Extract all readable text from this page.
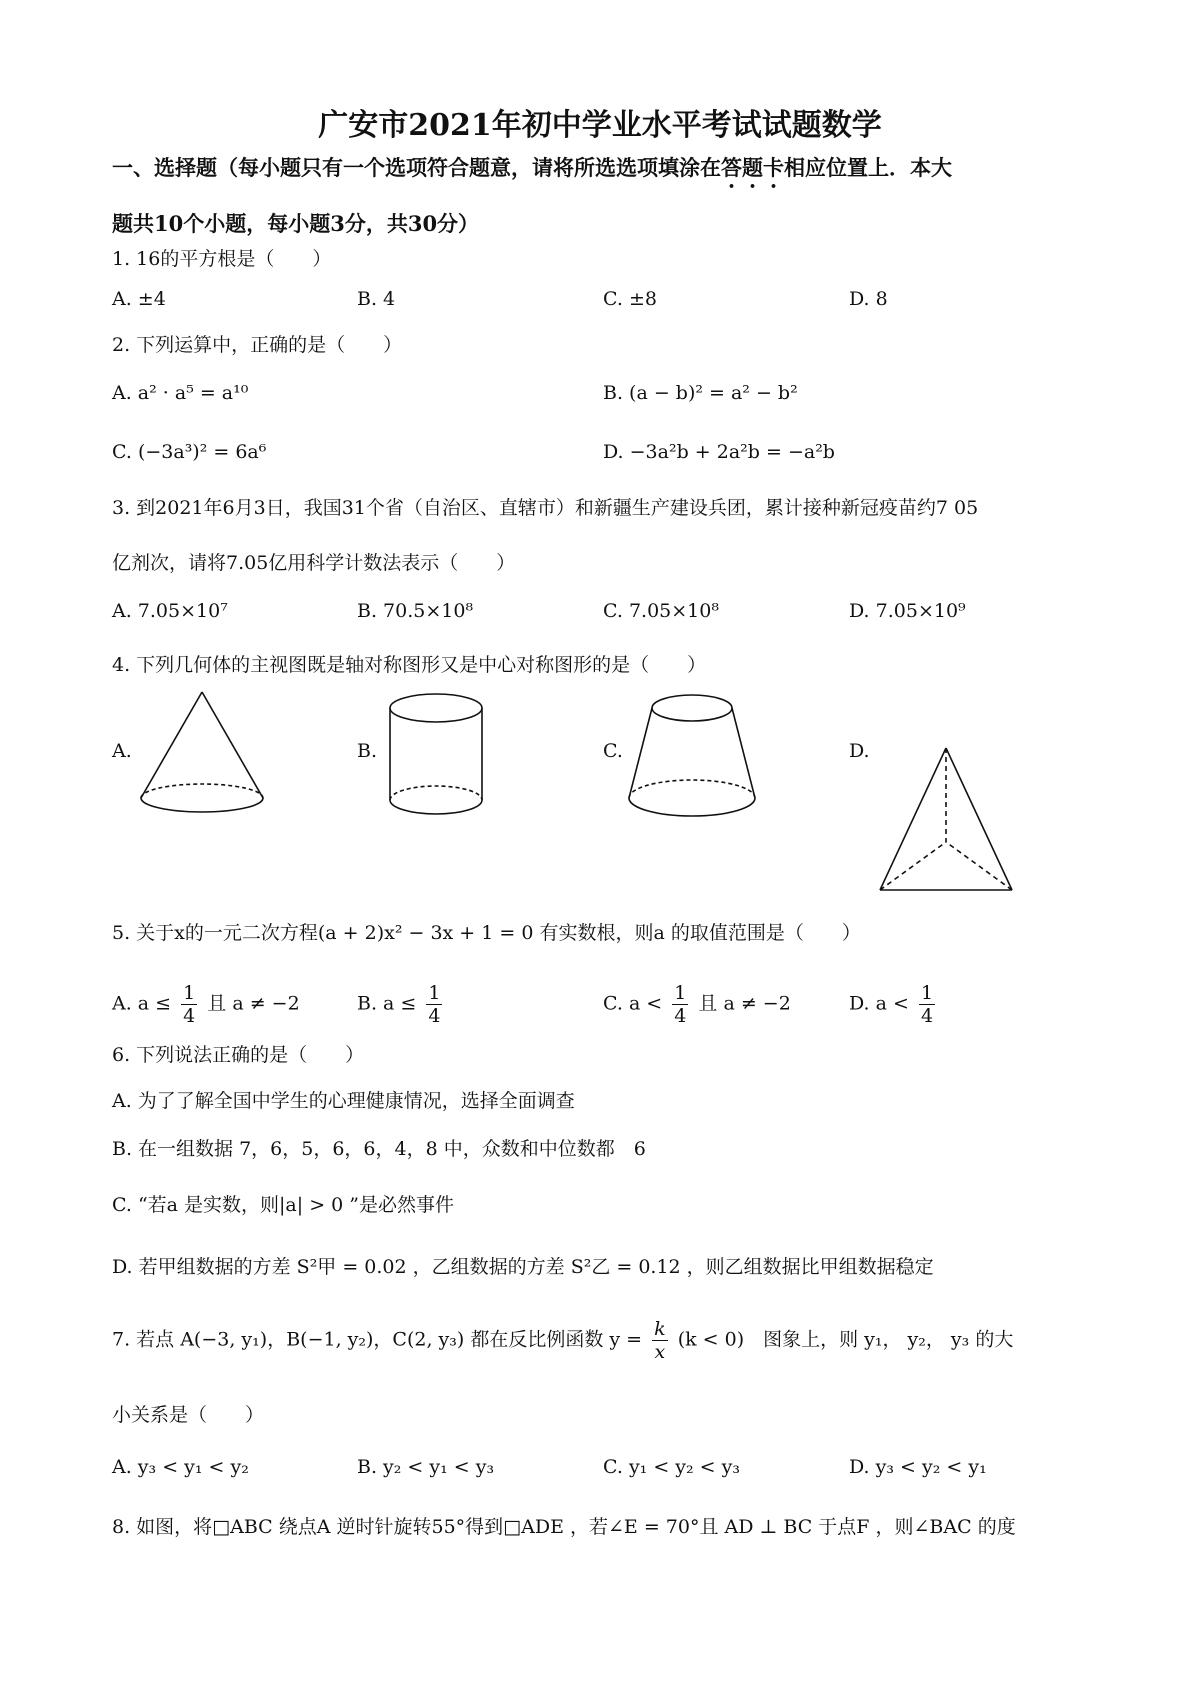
广安市2021年初中学业水平考试试题数学
一、选择题（每小题只有一个选项符合题意，请将所选选项填涂在答题卡相应位置上．本大
题共10个小题，每小题3分，共30分）
1. 16的平方根是（　　）
A. ±4	B. 4	C. ±8	D. 8
2. 下列运算中，正确的是（　　）
A. a² · a⁵ = a¹⁰	B. (a − b)² = a² − b²
C. (−3a³)² = 6a⁶	D. −3a²b + 2a²b = −a²b
3. 到2021年6月3日，我国31个省（自治区、直辖市）和新疆生产建设兵团，累计接种新冠疫苗约7 05
亿剂次，请将7.05亿用科学计数法表示（　　）
A. 7.05×10⁷	B. 70.5×10⁸	C. 7.05×10⁸	D. 7.05×10⁹
4. 下列几何体的主视图既是轴对称图形又是中心对称图形的是（　　）
A.	B.	C.	D.
5. 关于x的一元二次方程(a + 2)x² − 3x + 1 = 0 有实数根，则a 的取值范围是（　　）
A. $a \le \frac{1}{4}$ 且 a ≠ −2	B. $a \le \frac{1}{4}$	C. $a < \frac{1}{4}$ 且 a ≠ −2	D. $a < \frac{1}{4}$
6. 下列说法正确的是（　　）
A. 为了了解全国中学生的心理健康情况，选择全面调查
B. 在一组数据 7，6，5，6，6，4，8 中，众数和中位数都　6
C. “若a 是实数，则|a| > 0 ”是必然事件
D. 若甲组数据的方差 S²甲 = 0.02 ，乙组数据的方差 S²乙 = 0.12 ，则乙组数据比甲组数据稳定
7. 若点 A(−3, y₁)，B(−1, y₂)，C(2, y₃) 都在反比例函数 $y = \frac{k}{x} (k < 0)$　图象上，则 y₁， y₂， y₃ 的大
小关系是（　　）
A. y₃ < y₁ < y₂	B. y₂ < y₁ < y₃	C. y₁ < y₂ < y₃	D. y₃ < y₂ < y₁
8. 如图，将□ABC 绕点A 逆时针旋转55°得到□ADE ，若∠E = 70°且 AD ⊥ BC 于点F ，则∠BAC 的度
